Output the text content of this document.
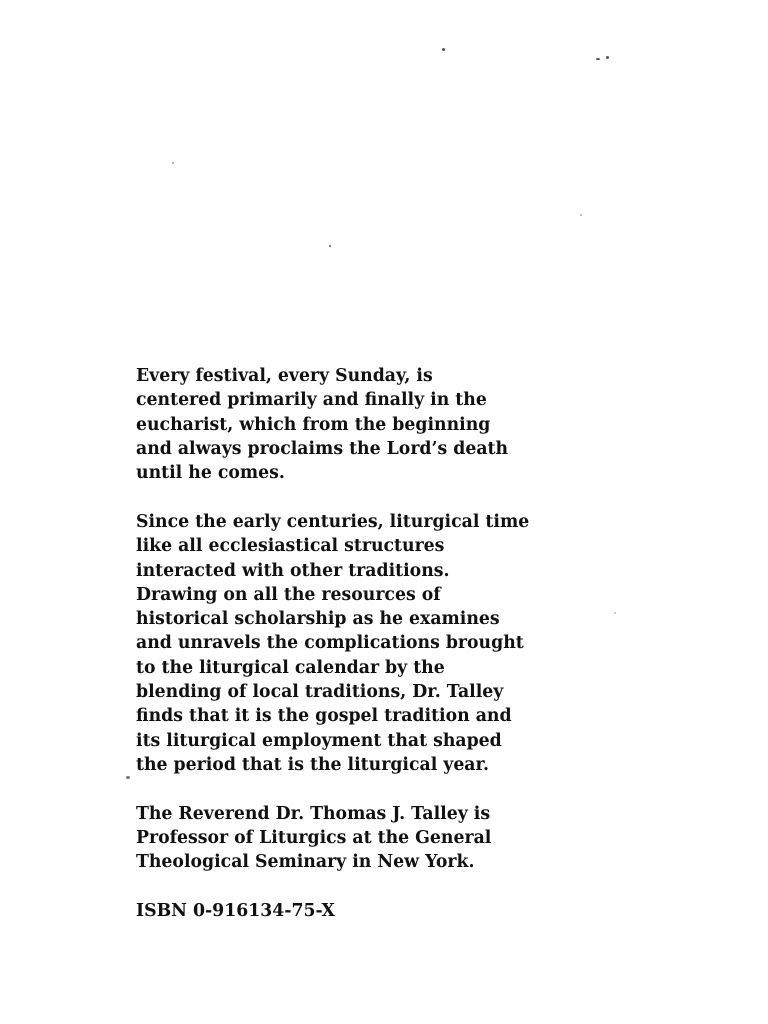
Every festival, every Sunday, is
centered primarily and finally in the
eucharist, which from the beginning
and always proclaims the Lord’s death
until he comes.

Since the early centuries, liturgical time
like all ecclesiastical structures
interacted with other traditions.
Drawing on all the resources of
historical scholarship as he examines
and unravels the complications brought
to the liturgical calendar by the
blending of local traditions, Dr. Talley
finds that it is the gospel tradition and
its liturgical employment that shaped
the period that is the liturgical year.

The Reverend Dr. Thomas J. Talley is
Professor of Liturgics at the General
Theological Seminary in New York.

ISBN 0-916134-75-X
